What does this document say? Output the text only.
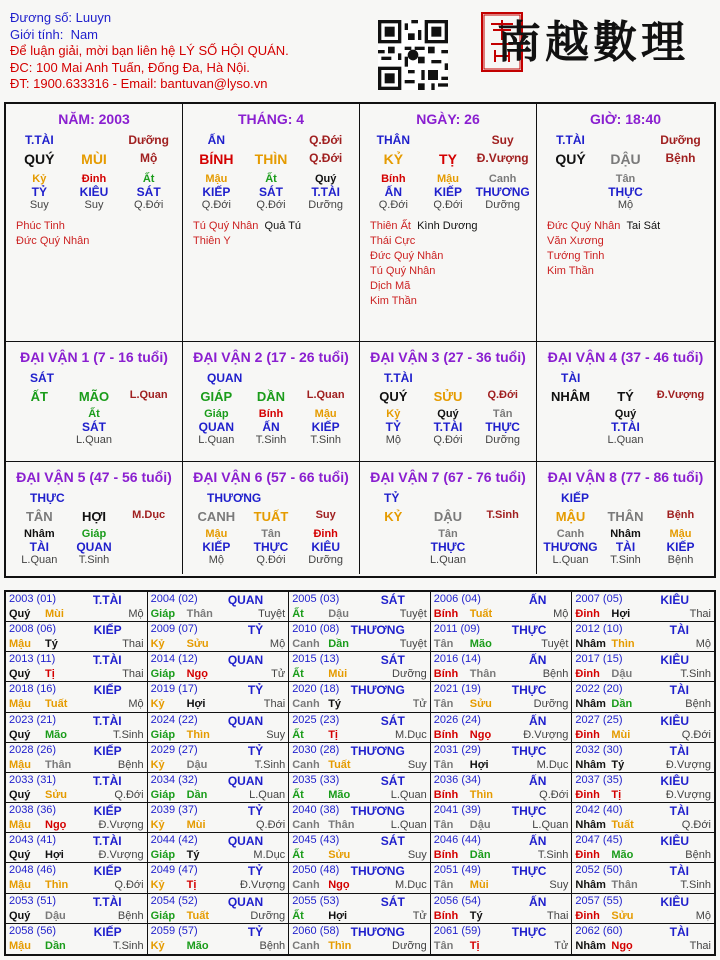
Đương số: Luuyn
Giới tính: Nam
Để luận giải, mời bạn liên hệ LÝ SỐ HỘI QUÁN.
ĐC: 100 Mai Anh Tuấn, Đống Đa, Hà Nội.
ĐT: 1900.633316 - Email: bantuvan@lyso.vn
南越數理
NĂM: 2003
T.TÀI	Dưỡng
QUÝ	MÙI	Mộ
Kỷ	Đinh	Ất
TỶ	KIÊU	SÁT
Suy	Suy	Q.Đới
Phúc Tinh
Đức Quý Nhân
THÁNG: 4
ẤN	Q.Đới
BÍNH	THÌN	Q.Đới
Mậu	Ất	Quý
KIẾP	SÁT	T.TÀI
Q.Đới	Q.Đới	Dưỡng
Tú Quý Nhân Quả Tú
Thiên Y
NGÀY: 26
THÂN	Suy
KỶ	TỴ	Đ.Vượng
Bính	Mậu	Canh
ẤN	KIẾP	THƯƠNG
Q.Đới	Q.Đới	Dưỡng
Thiên Ất Kình Dương
Thái Cực
Đức Quý Nhân
Tú Quý Nhân
Dịch Mã
Kim Thần
GIỜ: 18:40
T.TÀI	Dưỡng
QUÝ	DẬU	Bệnh
Tân
THỰC
Mộ
Đức Quý Nhân Tai Sát
Văn Xương
Tướng Tinh
Kim Thần
ĐẠI VẬN 1 (7 - 16 tuổi)
SÁT
ẤT	MÃO	L.Quan
Ất
SÁT
L.Quan
ĐẠI VẬN 2 (17 - 26 tuổi)
QUAN
GIÁP	DẦN	L.Quan
Giáp	Bính	Mậu
QUAN	ẤN	KIẾP
L.Quan	T.Sinh	T.Sinh
ĐẠI VẬN 3 (27 - 36 tuổi)
T.TÀI
QUÝ	SỬU	Q.Đới
Kỷ	Quý	Tân
TỶ	T.TÀI	THỰC
Mộ	Q.Đới	Dưỡng
ĐẠI VẬN 4 (37 - 46 tuổi)
TÀI
NHÂM	TÝ	Đ.Vượng
Quý
T.TÀI
L.Quan
ĐẠI VẬN 5 (47 - 56 tuổi)
THỰC
TÂN	HỢI	M.Dục
Nhâm	Giáp
TÀI	QUAN
L.Quan	T.Sinh
ĐẠI VẬN 6 (57 - 66 tuổi)
THƯƠNG
CANH	TUẤT	Suy
Mậu	Tân	Đinh
KIẾP	THỰC	KIÊU
Mộ	Q.Đới	Dưỡng
ĐẠI VẬN 7 (67 - 76 tuổi)
TỶ
KỶ	DẬU	T.Sinh
Tân
THỰC
L.Quan
ĐẠI VẬN 8 (77 - 86 tuổi)
KIẾP
MẬU	THÂN	Bệnh
Canh	Nhâm	Mậu
THƯƠNG	TÀI	KIẾP
L.Quan	T.Sinh	Bệnh
2003 (01)	T.TÀI
Quý	Mùi	Mộ
2004 (02)	QUAN
Giáp	Thân	Tuyệt
2005 (03)	SÁT
Ất	Dậu	Tuyệt
2006 (04)	ẤN
Bính	Tuất	Mộ
2007 (05)	KIÊU
Đinh	Hợi	Thai
2008 (06)	KIẾP
Mậu	Tý	Thai
2009 (07)	TỶ
Kỷ	Sửu	Mộ
2010 (08) THƯƠNG
Canh Dần	Tuyệt
2011 (09)	THỰC
Tân	Mão	Tuyệt
2012 (10)	TÀI
Nhâm Thìn	Mộ
2013 (11)	T.TÀI
Quý	Tị	Thai
2014 (12)	QUAN
Giáp	Ngọ	Tử
2015 (13)	SÁT
Ất	Mùi	Dưỡng
2016 (14)	ẤN
Bính	Thân	Bệnh
2017 (15)	KIÊU
Đinh	Dậu	T.Sinh
2018 (16)	KIẾP
Mậu	Tuất	Mộ
2019 (17)	TỶ
Kỷ	Hợi	Thai
2020 (18) THƯƠNG
Canh Tý	Tử
2021 (19)	THỰC
Tân	Sửu	Dưỡng
2022 (20)	TÀI
Nhâm Dần	Bệnh
2023 (21)	T.TÀI
Quý	Mão	T.Sinh
2024 (22)	QUAN
Giáp	Thìn	Suy
2025 (23)	SÁT
Ất	Tị	M.Dục
2026 (24)	ẤN
Bính	Ngọ	Đ.Vượng
2027 (25)	KIÊU
Đinh	Mùi	Q.Đới
2028 (26)	KIẾP
Mậu	Thân	Bệnh
2029 (27)	TỶ
Kỷ	Dậu	T.Sinh
2030 (28) THƯƠNG
Canh Tuất	Suy
2031 (29)	THỰC
Tân	Hợi	M.Dục
2032 (30)	TÀI
Nhâm Tý	Đ.Vượng
2033 (31)	T.TÀI
Quý	Sửu	Q.Đới
2034 (32)	QUAN
Giáp	Dần	L.Quan
2035 (33)	SÁT
Ất	Mão	L.Quan
2036 (34)	ẤN
Bính	Thìn	Q.Đới
2037 (35)	KIÊU
Đinh	Tị	Đ.Vượng
2038 (36)	KIẾP
Mậu	Ngọ	Đ.Vượng
2039 (37)	TỶ
Kỷ	Mùi	Q.Đới
2040 (38) THƯƠNG
Canh Thân	L.Quan
2041 (39)	THỰC
Tân	Dậu	L.Quan
2042 (40)	TÀI
Nhâm Tuất	Q.Đới
2043 (41)	T.TÀI
Quý	Hợi	Đ.Vượng
2044 (42)	QUAN
Giáp	Tý	M.Dục
2045 (43)	SÁT
Ất	Sửu	Suy
2046 (44)	ẤN
Bính	Dần	T.Sinh
2047 (45)	KIÊU
Đinh	Mão	Bệnh
2048 (46)	KIẾP
Mậu	Thìn	Q.Đới
2049 (47)	TỶ
Kỷ	Tị	Đ.Vượng
2050 (48) THƯƠNG
Canh Ngọ	M.Dục
2051 (49)	THỰC
Tân	Mùi	Suy
2052 (50)	TÀI
Nhâm Thân	T.Sinh
2053 (51)	T.TÀI
Quý	Dậu	Bệnh
2054 (52)	QUAN
Giáp	Tuất	Dưỡng
2055 (53)	SÁT
Ất	Hợi	Tử
2056 (54)	ẤN
Bính	Tý	Thai
2057 (55)	KIÊU
Đinh	Sửu	Mộ
2058 (56)	KIẾP
Mậu	Dần	T.Sinh
2059 (57)	TỶ
Kỷ	Mão	Bệnh
2060 (58) THƯƠNG
Canh Thìn	Dưỡng
2061 (59)	THỰC
Tân	Tị	Tử
2062 (60)	TÀI
Nhâm Ngọ	Thai
